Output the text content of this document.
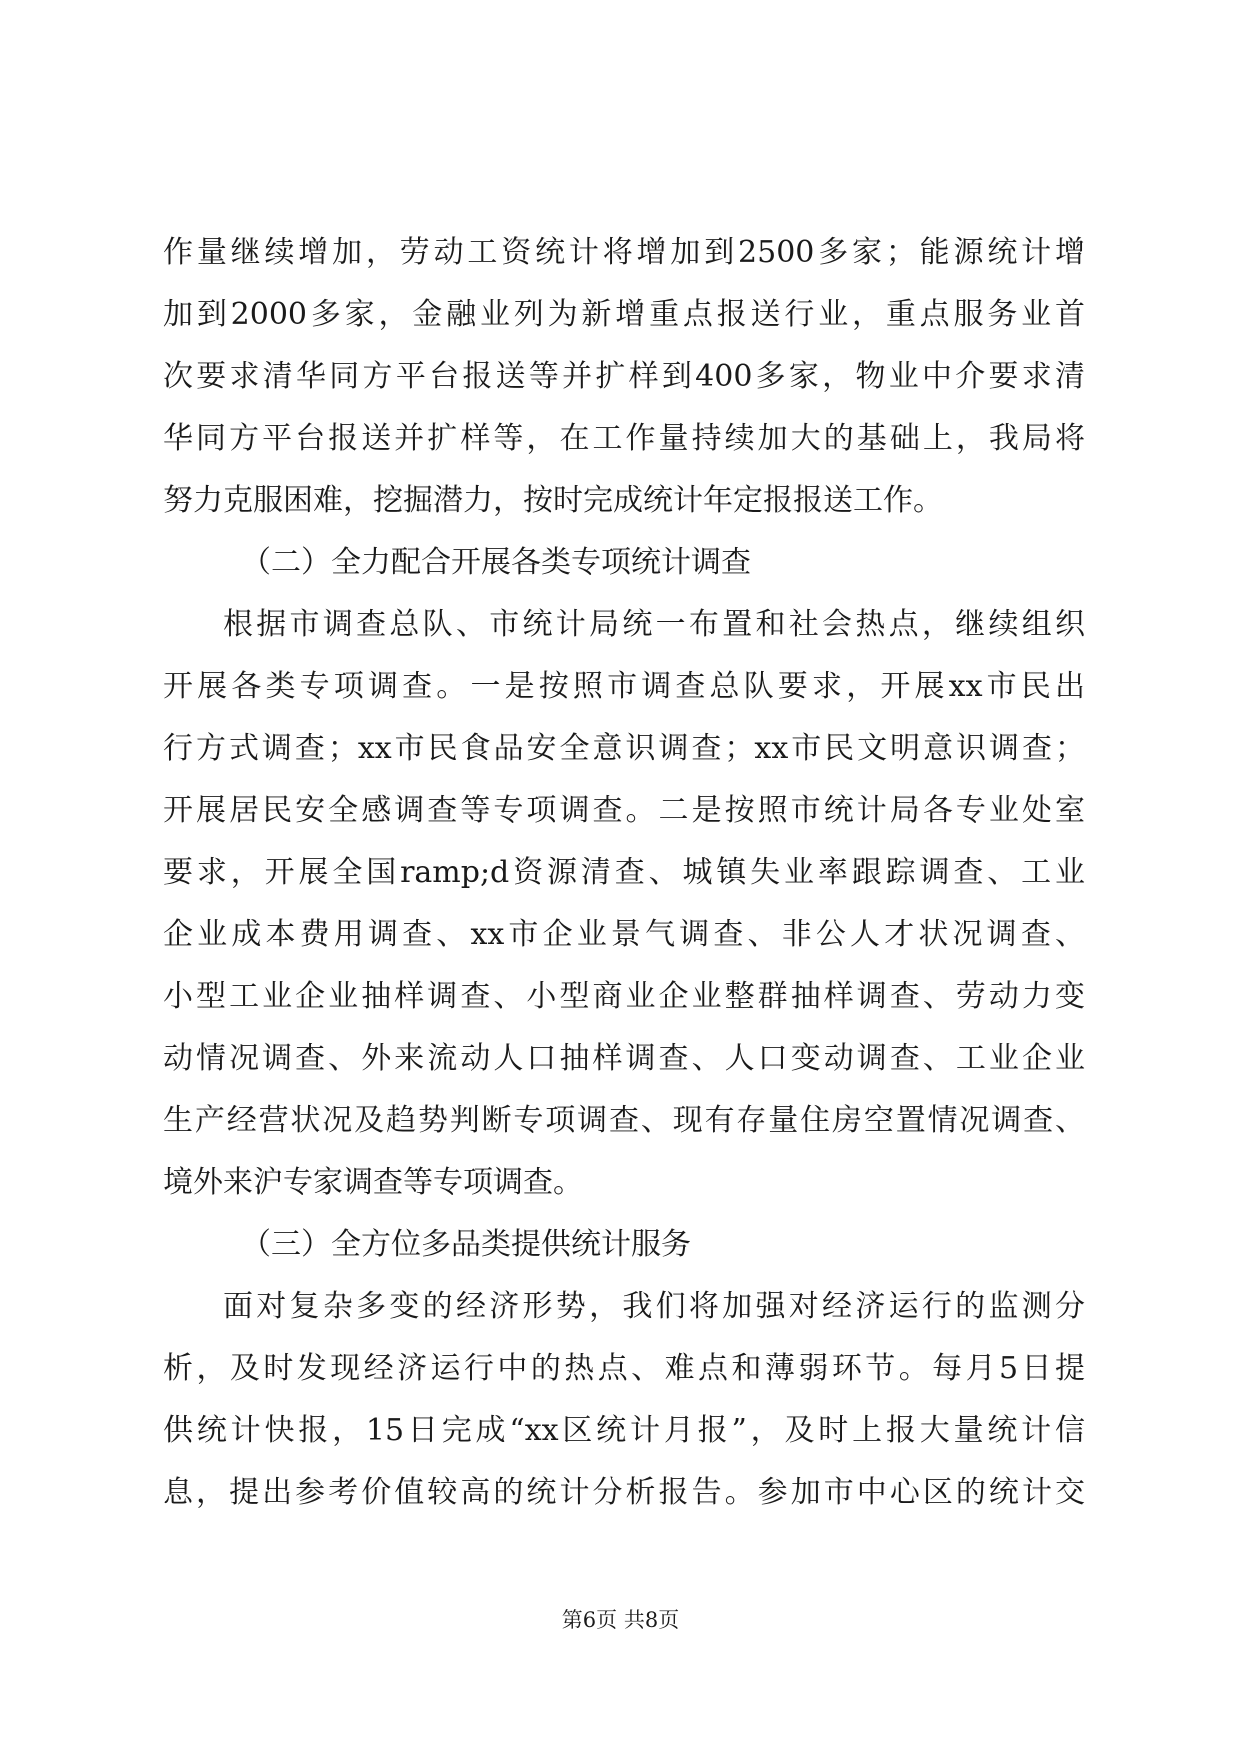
作量继续增加，劳动工资统计将增加到2500多家；能源统计增
加到2000多家，金融业列为新增重点报送行业，重点服务业首
次要求清华同方平台报送等并扩样到400多家，物业中介要求清
华同方平台报送并扩样等，在工作量持续加大的基础上，我局将
努力克服困难，挖掘潜力，按时完成统计年定报报送工作。
（二）全力配合开展各类专项统计调查
根据市调查总队、市统计局统一布置和社会热点，继续组织
开展各类专项调查。一是按照市调查总队要求，开展xx市民出
行方式调查；xx市民食品安全意识调查；xx市民文明意识调查；
开展居民安全感调查等专项调查。二是按照市统计局各专业处室
要求，开展全国ramp;d资源清查、城镇失业率跟踪调查、工业
企业成本费用调查、xx市企业景气调查、非公人才状况调查、
小型工业企业抽样调查、小型商业企业整群抽样调查、劳动力变
动情况调查、外来流动人口抽样调查、人口变动调查、工业企业
生产经营状况及趋势判断专项调查、现有存量住房空置情况调查、
境外来沪专家调查等专项调查。
（三）全方位多品类提供统计服务
面对复杂多变的经济形势，我们将加强对经济运行的监测分
析，及时发现经济运行中的热点、难点和薄弱环节。每月5日提
供统计快报，15日完成“xx区统计月报”，及时上报大量统计信
息，提出参考价值较高的统计分析报告。参加市中心区的统计交
第6页 共8页
